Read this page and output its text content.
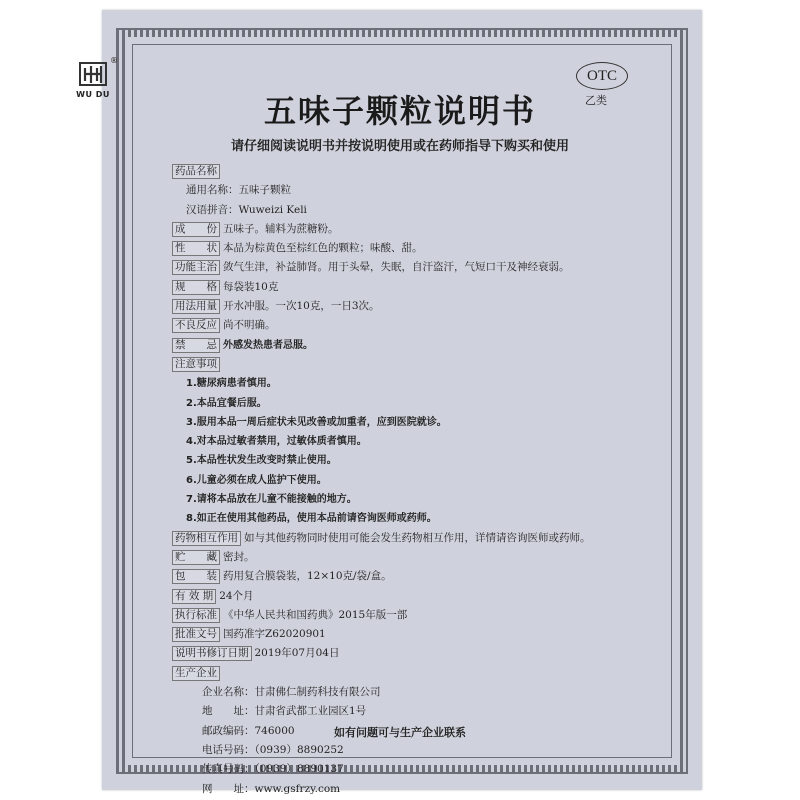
®
WU DU
OTC
乙类
五味子颗粒说明书
请仔细阅读说明书并按说明使用或在药师指导下购买和使用
药品名称
通用名称：五味子颗粒
汉语拼音：Wuweizi Keli
成　　份 五味子。辅料为蔗糖粉。
性　　状 本品为棕黄色至棕红色的颗粒；味酸、甜。
功能主治 敛气生津，补益肺肾。用于头晕，失眠，自汗盗汗，气短口干及神经衰弱。
规　　格 每袋装10克
用法用量 开水冲服。一次10克，一日3次。
不良反应 尚不明确。
禁　　忌 外感发热患者忌服。
注意事项
1.糖尿病患者慎用。
2.本品宜餐后服。
3.服用本品一周后症状未见改善或加重者，应到医院就诊。
4.对本品过敏者禁用，过敏体质者慎用。
5.本品性状发生改变时禁止使用。
6.儿童必须在成人监护下使用。
7.请将本品放在儿童不能接触的地方。
8.如正在使用其他药品，使用本品前请咨询医师或药师。
药物相互作用 如与其他药物同时使用可能会发生药物相互作用，详情请咨询医师或药师。
贮　　藏 密封。
包　　装 药用复合膜袋装，12×10克/袋/盒。
有 效 期 24个月
执行标准 《中华人民共和国药典》2015年版一部
批准文号 国药准字Z62020901
说明书修订日期 2019年07月04日
生产企业
企业名称：甘肃佛仁制药科技有限公司
地　　址：甘肃省武都工业园区1号
邮政编码：746000
电话号码：（0939）8890252
传真号码：（0939）8890137
网　　址：www.gsfrzy.com
如有问题可与生产企业联系
